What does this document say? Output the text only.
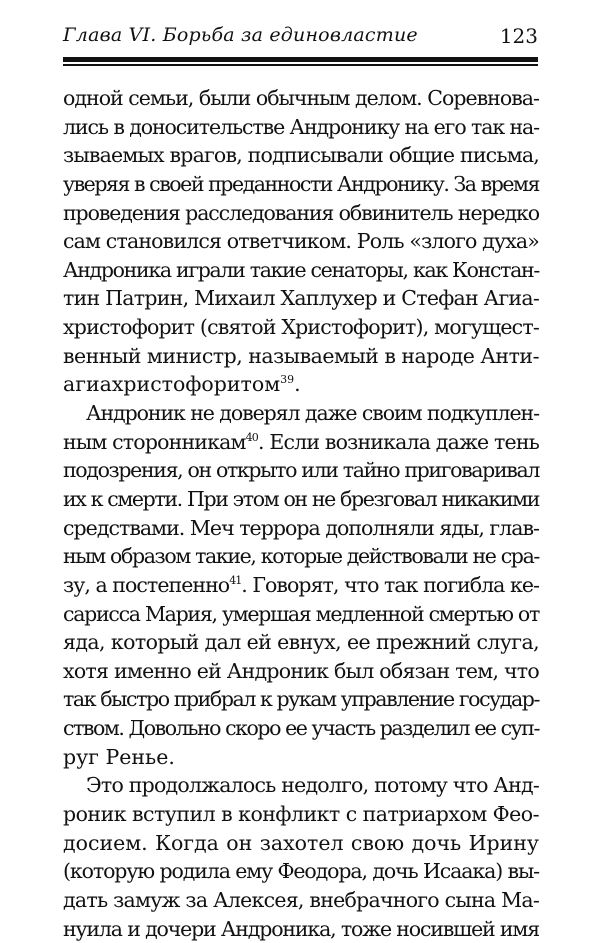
Глава VI. Борьба за единовластие	123
одной семьи, были обычным делом. Соревнова-
лись в доносительстве Андронику на его так на-
зываемых врагов, подписывали общие письма,
уверяя в своей преданности Андронику. За время
проведения расследования обвинитель нередко
сам становился ответчиком. Роль «злого духа»
Андроника играли такие сенаторы, как Констан-
тин Патрин, Михаил Хаплухер и Стефан Агиа-
христофорит (святой Христофорит), могущест-
венный министр, называемый в народе Анти-
агиахристофоритом$^{39}$.
Андроник не доверял даже своим подкуплен-
ным сторонникам$^{40}$. Если возникала даже тень
подозрения, он открыто или тайно приговаривал
их к смерти. При этом он не брезговал никакими
средствами. Меч террора дополняли яды, глав-
ным образом такие, которые действовали не сра-
зу, а постепенно$^{41}$. Говорят, что так погибла ке-
сарисса Мария, умершая медленной смертью от
яда, который дал ей евнух, ее прежний слуга,
хотя именно ей Андроник был обязан тем, что
так быстро прибрал к рукам управление государ-
ством. Довольно скоро ее участь разделил ее суп-
руг Ренье.
Это продолжалось недолго, потому что Анд-
роник вступил в конфликт с патриархом Фео-
досием. Когда он захотел свою дочь Ирину
(которую родила ему Феодора, дочь Исаака) вы-
дать замуж за Алексея, внебрачного сына Ма-
нуила и дочери Андроника, тоже носившей имя
